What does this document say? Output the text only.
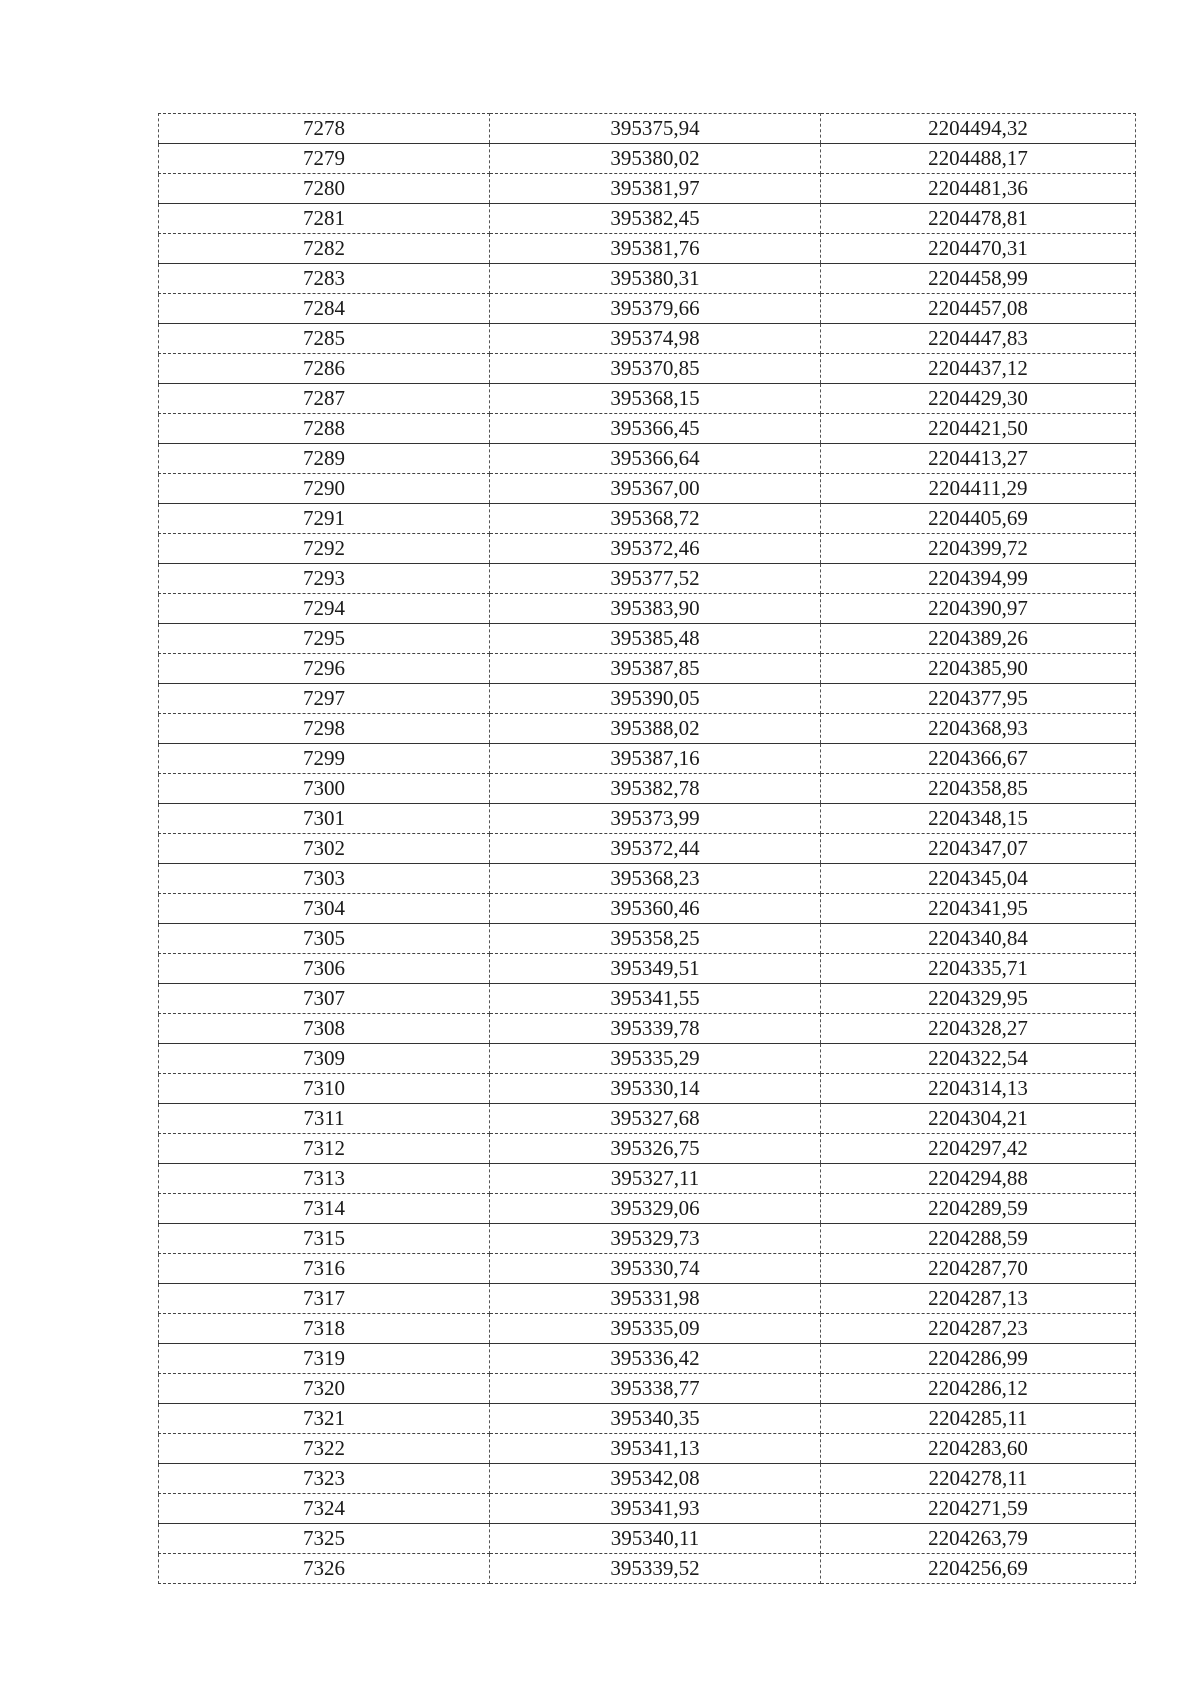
7278	395375,94	2204494,32
7279	395380,02	2204488,17
7280	395381,97	2204481,36
7281	395382,45	2204478,81
7282	395381,76	2204470,31
7283	395380,31	2204458,99
7284	395379,66	2204457,08
7285	395374,98	2204447,83
7286	395370,85	2204437,12
7287	395368,15	2204429,30
7288	395366,45	2204421,50
7289	395366,64	2204413,27
7290	395367,00	2204411,29
7291	395368,72	2204405,69
7292	395372,46	2204399,72
7293	395377,52	2204394,99
7294	395383,90	2204390,97
7295	395385,48	2204389,26
7296	395387,85	2204385,90
7297	395390,05	2204377,95
7298	395388,02	2204368,93
7299	395387,16	2204366,67
7300	395382,78	2204358,85
7301	395373,99	2204348,15
7302	395372,44	2204347,07
7303	395368,23	2204345,04
7304	395360,46	2204341,95
7305	395358,25	2204340,84
7306	395349,51	2204335,71
7307	395341,55	2204329,95
7308	395339,78	2204328,27
7309	395335,29	2204322,54
7310	395330,14	2204314,13
7311	395327,68	2204304,21
7312	395326,75	2204297,42
7313	395327,11	2204294,88
7314	395329,06	2204289,59
7315	395329,73	2204288,59
7316	395330,74	2204287,70
7317	395331,98	2204287,13
7318	395335,09	2204287,23
7319	395336,42	2204286,99
7320	395338,77	2204286,12
7321	395340,35	2204285,11
7322	395341,13	2204283,60
7323	395342,08	2204278,11
7324	395341,93	2204271,59
7325	395340,11	2204263,79
7326	395339,52	2204256,69
